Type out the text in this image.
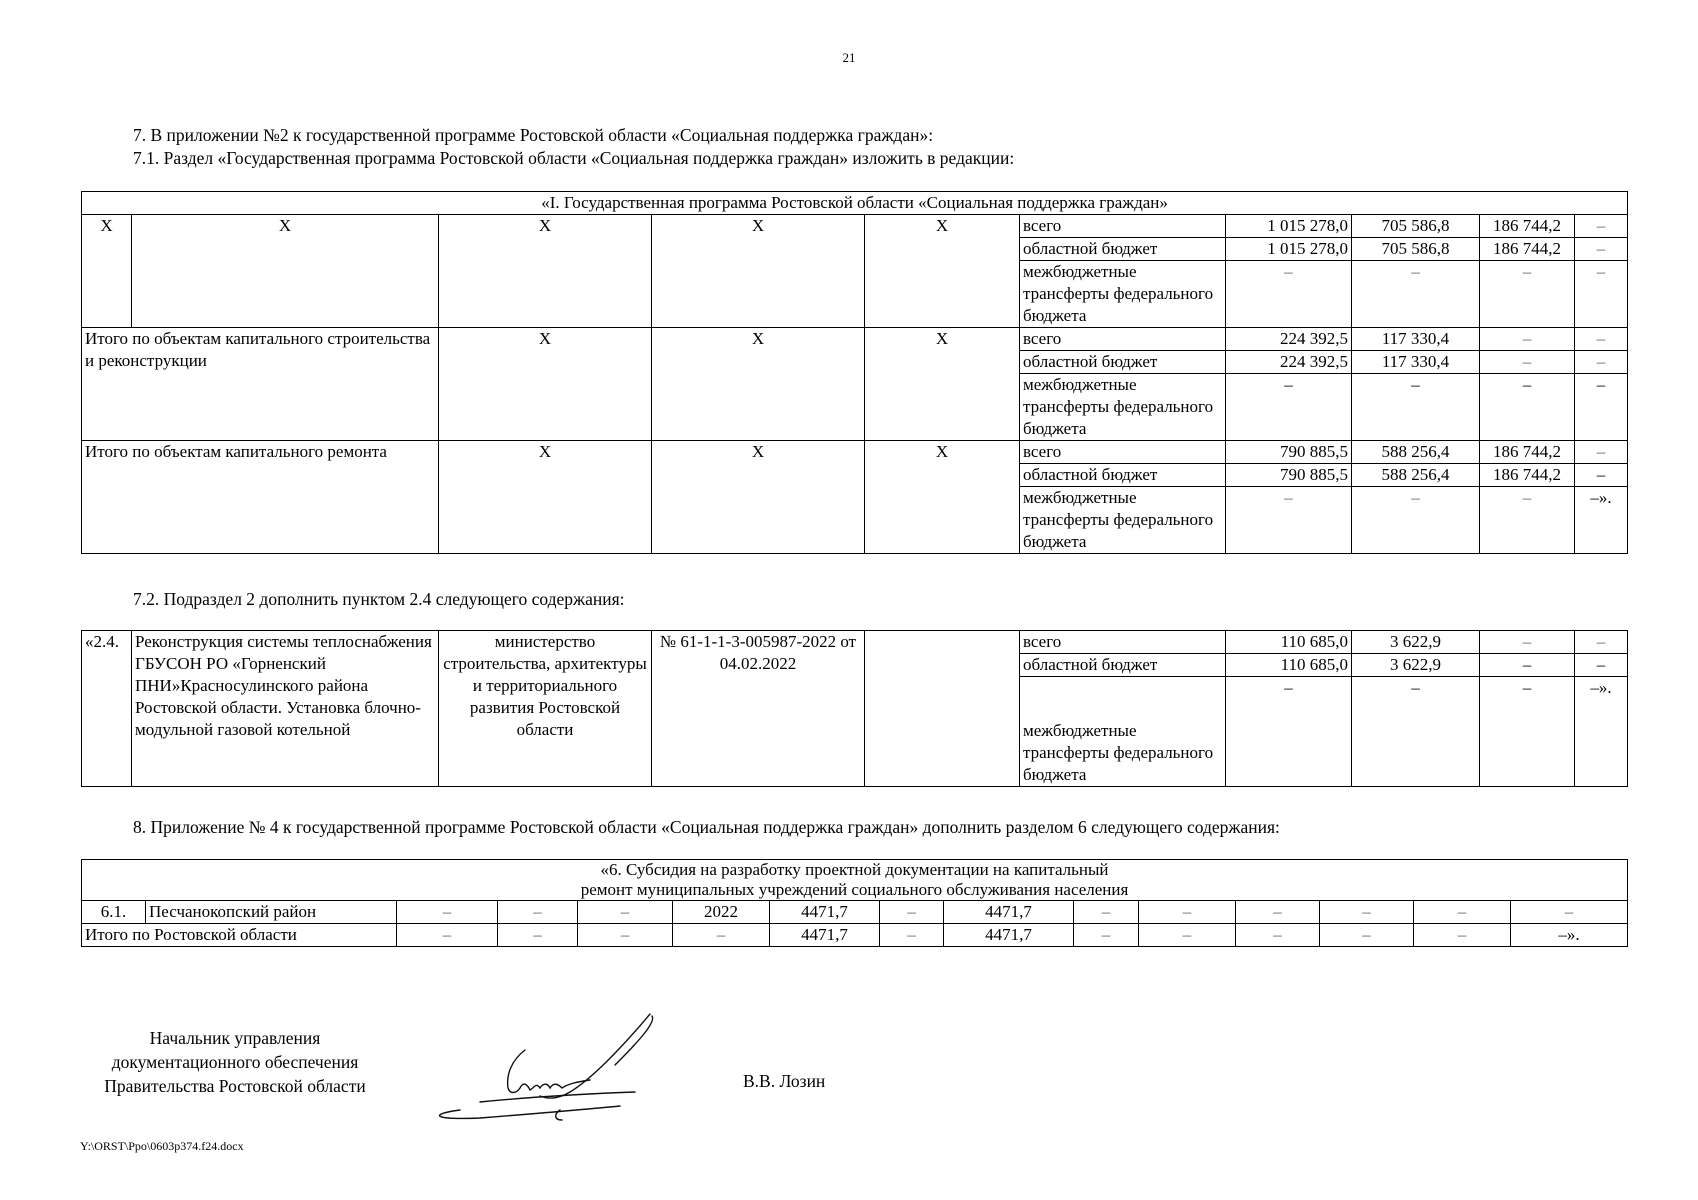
21
7. В приложении №2 к государственной программе Ростовской области «Социальная поддержка граждан»:
7.1. Раздел «Государственная программа Ростовской области «Социальная поддержка граждан» изложить в редакции:
«I. Государственная программа Ростовской области «Социальная поддержка граждан»									
Х	Х	Х	Х	Х	всего	1 015 278,0	705 586,8	186 744,2	–
					областной бюджет	1 015 278,0	705 586,8	186 744,2	–
					межбюджетные трансферты федерального бюджета	–	–	–	–
Итого по объектам капитального строительства и реконструкции		Х	Х	Х	всего	224 392,5	117 330,4	–	–
					областной бюджет	224 392,5	117 330,4	–	–
					межбюджетные трансферты федерального бюджета	–	–	–	–
Итого по объектам капитального ремонта		Х	Х	Х	всего	790 885,5	588 256,4	186 744,2	–
					областной бюджет	790 885,5	588 256,4	186 744,2	–
					межбюджетные трансферты федерального бюджета	–	–	–	–».
7.2. Подраздел 2 дополнить пунктом 2.4 следующего содержания:
«2.4.	Реконструкция системы теплоснабжения ГБУСОН РО «Горненский ПНИ»Красносулинского района Ростовской области. Установка блочно-модульной газовой котельной	министерство строительства, архитектуры и территориального развития Ростовской области	№ 61-1-1-3-005987-2022 от 04.02.2022		всего	110 685,0	3 622,9	–	–
					областной бюджет	110 685,0	3 622,9	–	–
					межбюджетные трансферты федерального бюджета	–	–	–	–».
8. Приложение № 4 к государственной программе Ростовской области «Социальная поддержка граждан» дополнить разделом 6 следующего содержания:
«6. Субсидия на разработку проектной документации на капитальный
ремонт муниципальных учреждений социального обслуживания населения														

6.1.	Песчанокопский район	–	–	–	2022	4471,7	–	4471,7	–	–	–	–	–	–
Итого по Ростовской области		–	–	–	–	4471,7	–	4471,7	–	–	–	–	–	–».
Начальник управления
документационного обеспечения
Правительства Ростовской области	В.В. Лозин
Y:\ORST\Ppo\0603p374.f24.docx
